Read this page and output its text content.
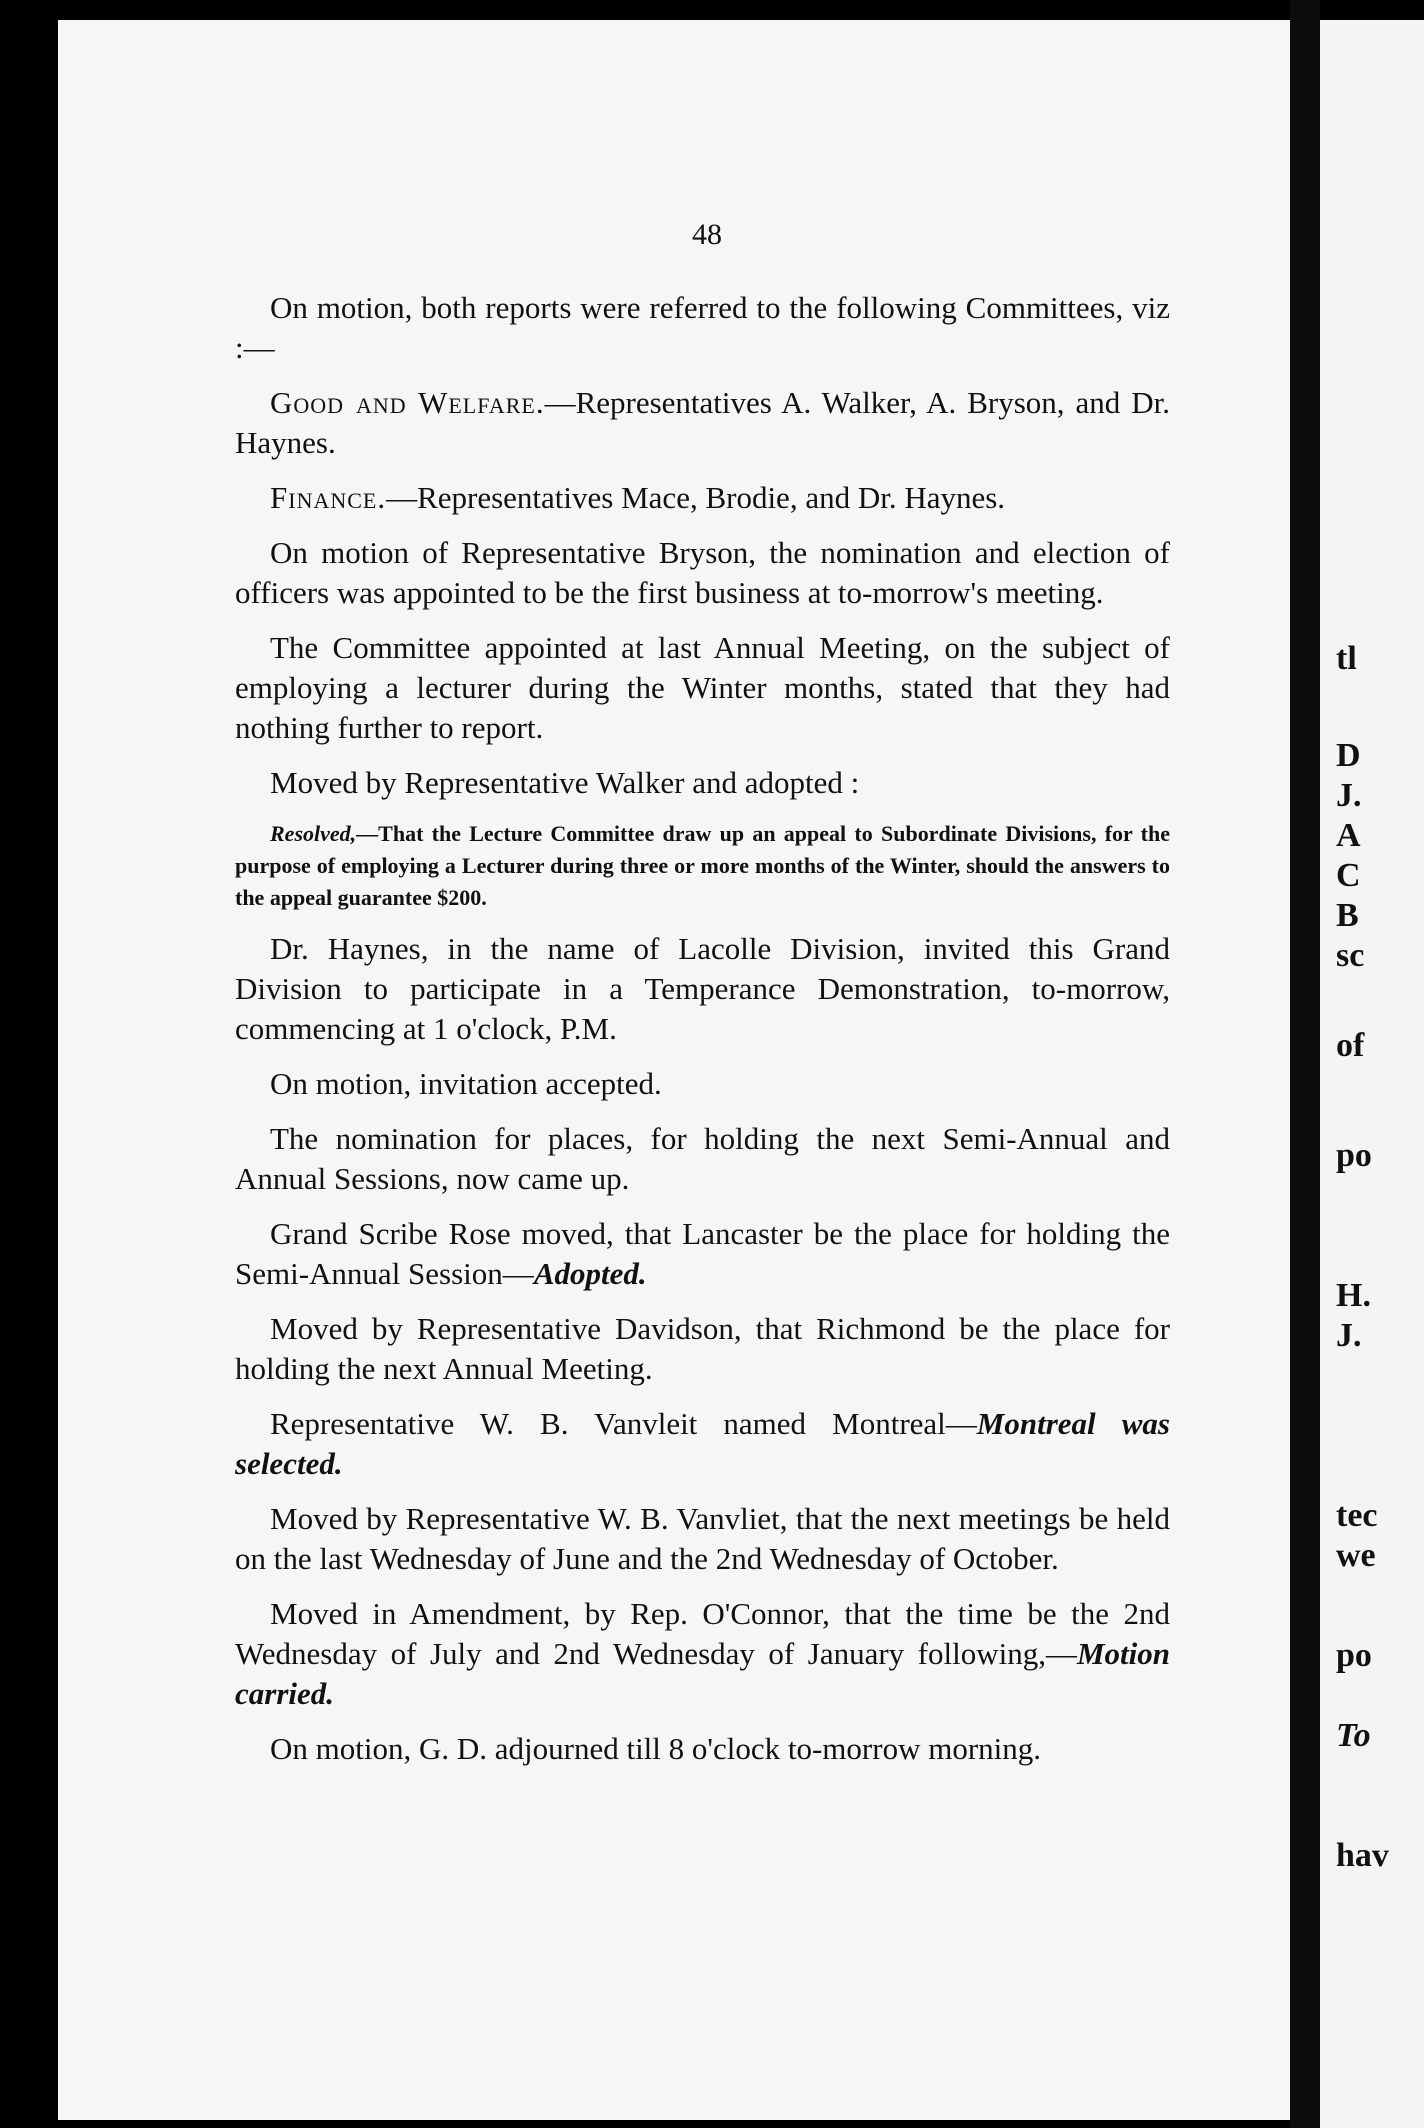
tl
D
J.
A
C
B
sc
of
po
H.
J.
tec
we
po
To
hav
48

On motion, both reports were referred to the following Committees, viz :—

Good and Welfare.—Representatives A. Walker, A. Bryson, and Dr. Haynes.

Finance.—Representatives Mace, Brodie, and Dr. Haynes.

On motion of Representative Bryson, the nomination and election of officers was appointed to be the first business at to-morrow's meeting.

The Committee appointed at last Annual Meeting, on the subject of employing a lecturer during the Winter months, stated that they had nothing further to report.

Moved by Representative Walker and adopted :

Resolved,—That the Lecture Committee draw up an appeal to Subordinate Divisions, for the purpose of employing a Lecturer during three or more months of the Winter, should the answers to the appeal guarantee $200.

Dr. Haynes, in the name of Lacolle Division, invited this Grand Division to participate in a Temperance Demonstration, to-morrow, commencing at 1 o'clock, P.M.

On motion, invitation accepted.

The nomination for places, for holding the next Semi-Annual and Annual Sessions, now came up.

Grand Scribe Rose moved, that Lancaster be the place for holding the Semi-Annual Session—Adopted.

Moved by Representative Davidson, that Richmond be the place for holding the next Annual Meeting.

Representative W. B. Vanvleit named Montreal—Montreal was selected.

Moved by Representative W. B. Vanvliet, that the next meetings be held on the last Wednesday of June and the 2nd Wednesday of October.

Moved in Amendment, by Rep. O'Connor, that the time be the 2nd Wednesday of July and 2nd Wednesday of January following,—Motion carried.

On motion, G. D. adjourned till 8 o'clock to-morrow morning.
